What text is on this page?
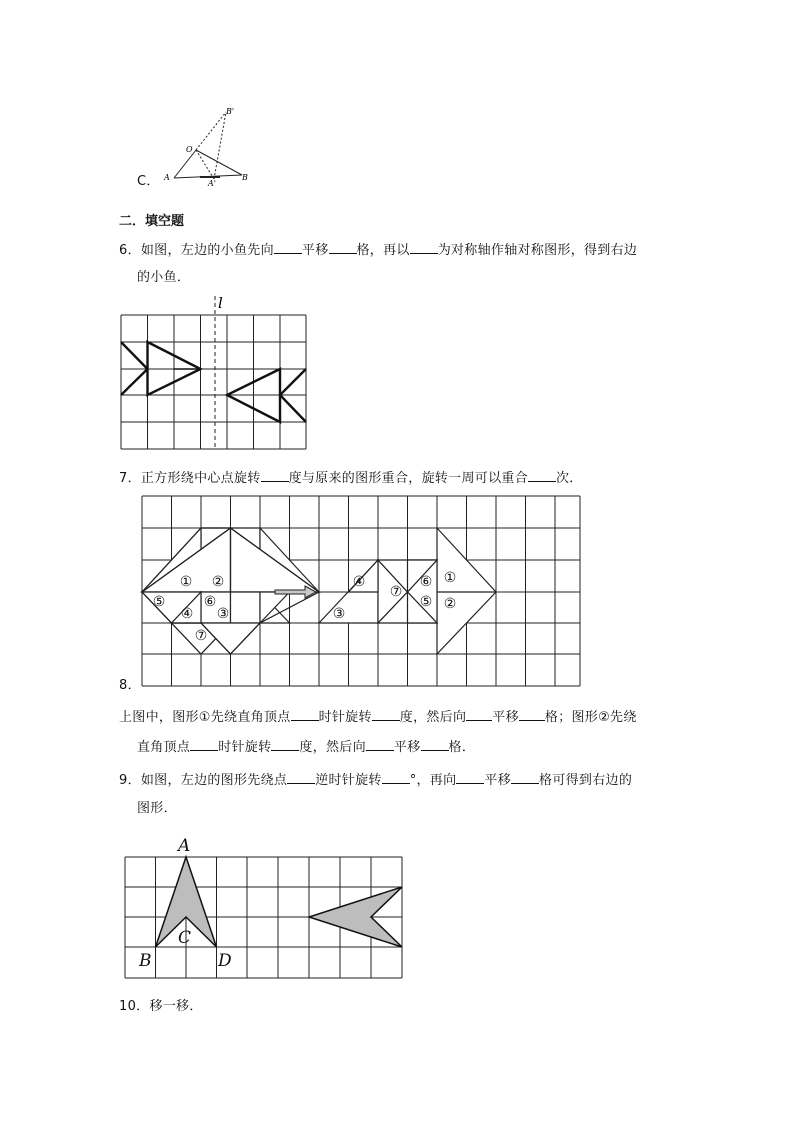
C．
B'
O
A
A'
B
二．填空题
6．如图，左边的小鱼先向 平移 格，再以 为对称轴作轴对称图形，得到右边
的小鱼．
l
7．正方形绕中心点旋转 度与原来的图形重合，旋转一周可以重合 次．
① ②
⑤
④
⑥
③
⑦
④
③
⑦
⑥
⑤
①
②
8．
上图中，图形①先绕直角顶点 时针旋转 度，然后向 平移 格；图形②先绕
直角顶点 时针旋转 度，然后向 平移 格．
9．如图，左边的图形先绕点 逆时针旋转 °，再向 平移 格可得到右边的
图形．
A
C
B	D
10．移一移．
